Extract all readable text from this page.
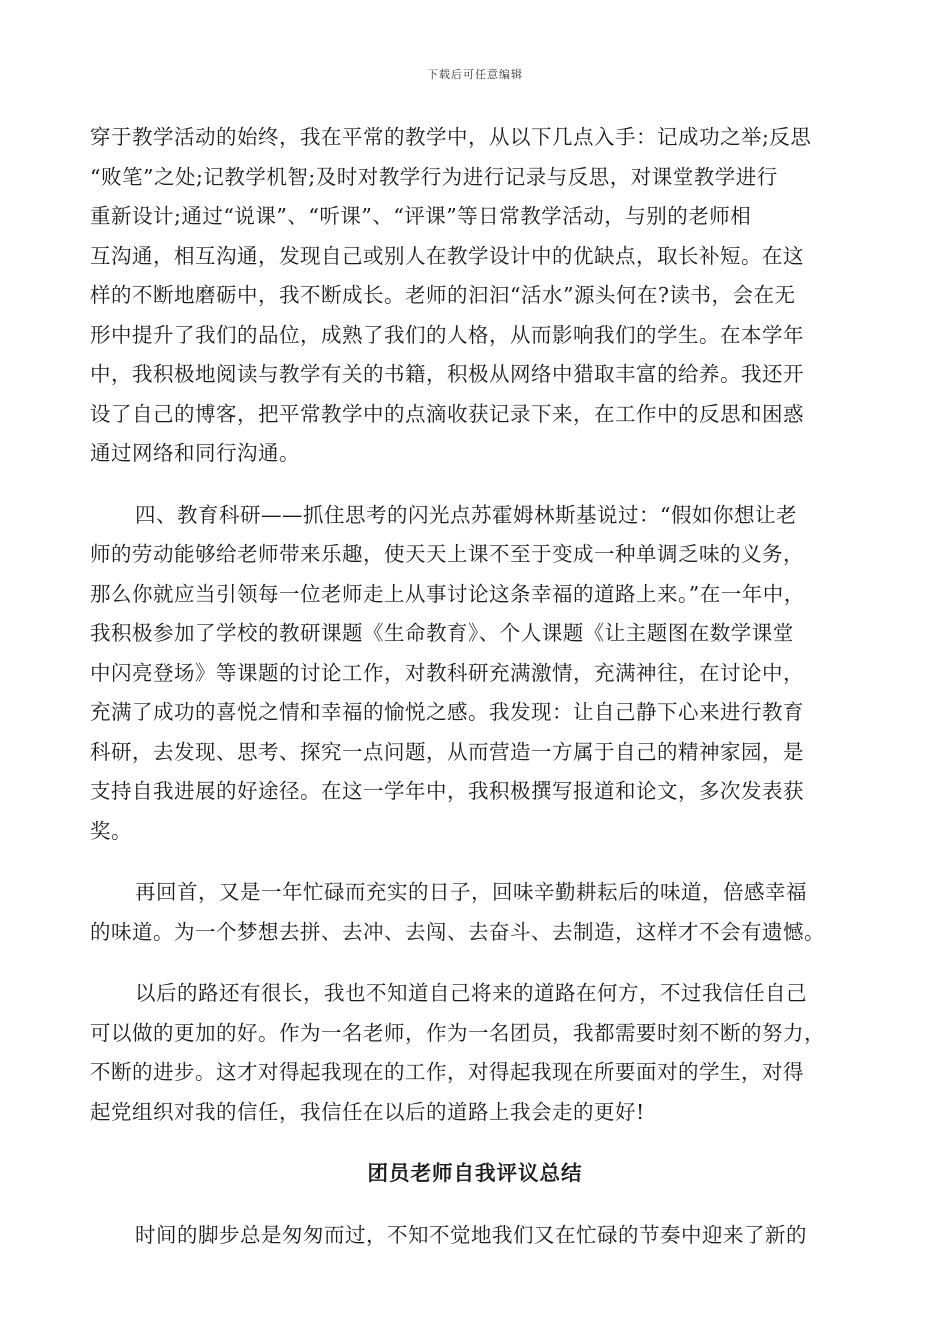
下载后可任意编辑
穿于教学活动的始终，我在平常的教学中，从以下几点入手：记成功之举;反思
“败笔”之处;记教学机智;及时对教学行为进行记录与反思，对课堂教学进行
重新设计;通过“说课”、“听课”、“评课”等日常教学活动，与别的老师相
互沟通，相互沟通，发现自己或别人在教学设计中的优缺点，取长补短。在这
样的不断地磨砺中，我不断成长。老师的汩汩“活水”源头何在?读书，会在无
形中提升了我们的品位，成熟了我们的人格，从而影响我们的学生。在本学年
中，我积极地阅读与教学有关的书籍，积极从网络中猎取丰富的给养。我还开
设了自己的博客，把平常教学中的点滴收获记录下来，在工作中的反思和困惑
通过网络和同行沟通。
四、教育科研——抓住思考的闪光点苏霍姆林斯基说过：“假如你想让老
师的劳动能够给老师带来乐趣，使天天上课不至于变成一种单调乏味的义务，
那么你就应当引领每一位老师走上从事讨论这条幸福的道路上来。”在一年中，
我积极参加了学校的教研课题《生命教育》、个人课题《让主题图在数学课堂
中闪亮登场》等课题的讨论工作，对教科研充满激情，充满神往，在讨论中，
充满了成功的喜悦之情和幸福的愉悦之感。我发现：让自己静下心来进行教育
科研，去发现、思考、探究一点问题，从而营造一方属于自己的精神家园，是
支持自我进展的好途径。在这一学年中，我积极撰写报道和论文，多次发表获
奖。
再回首，又是一年忙碌而充实的日子，回味辛勤耕耘后的味道，倍感幸福
的味道。为一个梦想去拼、去冲、去闯、去奋斗、去制造，这样才不会有遗憾。
以后的路还有很长，我也不知道自己将来的道路在何方，不过我信任自己
可以做的更加的好。作为一名老师，作为一名团员，我都需要时刻不断的努力，
不断的进步。这才对得起我现在的工作，对得起我现在所要面对的学生，对得
起党组织对我的信任，我信任在以后的道路上我会走的更好!
团员老师自我评议总结
时间的脚步总是匆匆而过，不知不觉地我们又在忙碌的节奏中迎来了新的
